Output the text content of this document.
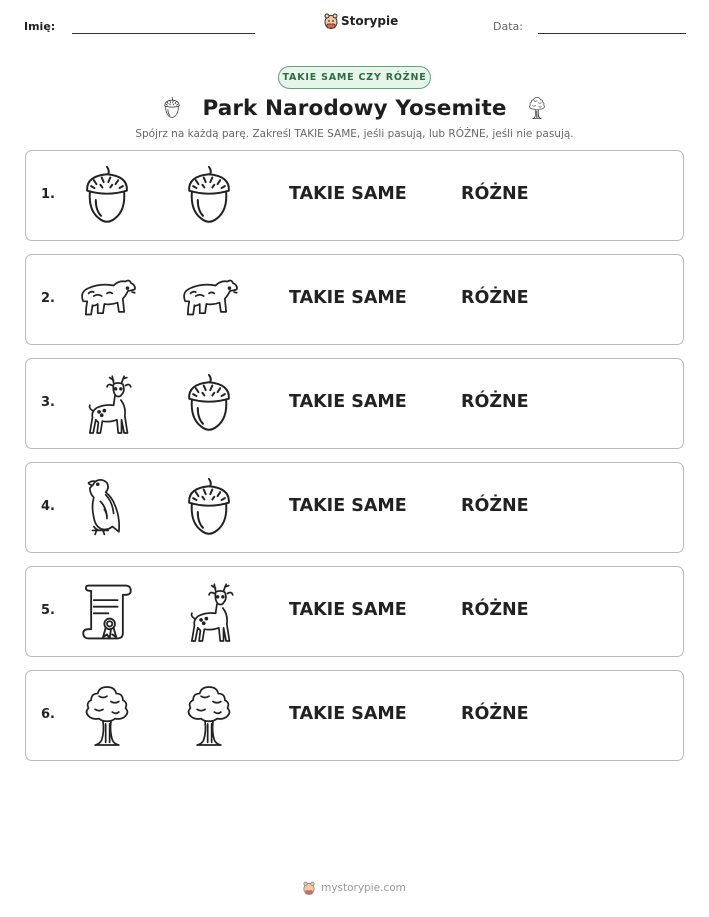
Imię:	Storypie	Data:
TAKIE SAME CZY RÓŻNE
Park Narodowy Yosemite
Spójrz na każdą parę. Zakreśl TAKIE SAME, jeśli pasują, lub RÓŻNE, jeśli nie pasują.
1.	TAKIE SAME	RÓŻNE
2.	TAKIE SAME	RÓŻNE
3.	TAKIE SAME	RÓŻNE
4.	TAKIE SAME	RÓŻNE
5.	TAKIE SAME	RÓŻNE
6.	TAKIE SAME	RÓŻNE
mystorypie.com
